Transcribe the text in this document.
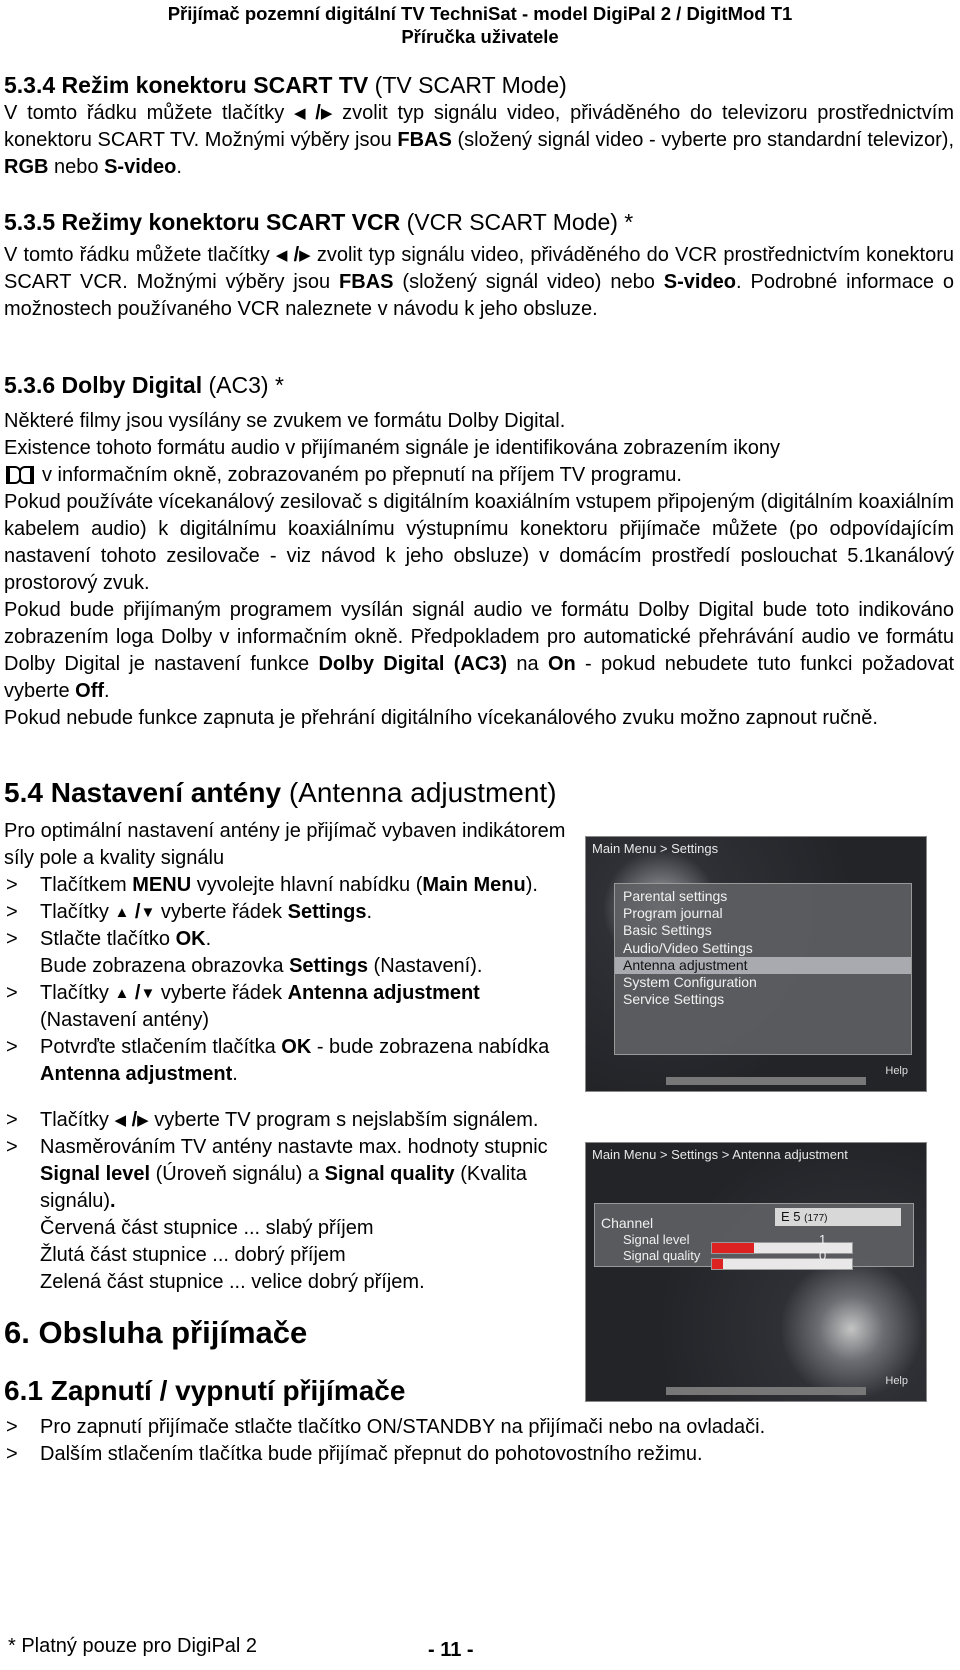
Přijímač pozemní digitální TV TechniSat - model DigiPal 2 / DigitMod T1
Příručka uživatele
5.3.4 Režim konektoru SCART TV (TV SCART Mode)

V tomto řádku můžete tlačítky ◀ /▶ zvolit typ signálu video, přiváděného do televizoru prostřednictvím konektoru SCART TV. Možnými výběry jsou FBAS (složený signál video - vyberte pro standardní televizor), RGB nebo S-video.

5.3.5 Režimy konektoru SCART VCR (VCR SCART Mode) *

V tomto řádku můžete tlačítky ◀ /▶ zvolit typ signálu video, přiváděného do VCR prostřednictvím konektoru SCART VCR. Možnými výběry jsou FBAS (složený signál video) nebo S-video. Podrobné informace o možnostech používaného VCR naleznete v návodu k jeho obsluze.

5.3.6 Dolby Digital (AC3) *

Některé filmy jsou vysílány se zvukem ve formátu Dolby Digital.

Existence tohoto formátu audio v přijímaném signále je identifikována zobrazením ikony

v informačním okně, zobrazovaném po přepnutí na příjem TV programu.

Pokud používáte vícekanálový zesilovač s digitálním koaxiálním vstupem připojeným (digitálním koaxiálním kabelem audio) k digitálnímu koaxiálnímu výstupnímu konektoru přijímače můžete (po odpovídajícím nastavení tohoto zesilovače - viz návod k jeho obsluze) v domácím prostředí poslouchat 5.1kanálový prostorový zvuk.

Pokud bude přijímaným programem vysílán signál audio ve formátu Dolby Digital bude toto indikováno zobrazením loga Dolby v informačním okně. Předpokladem pro automatické přehrávání audio ve formátu Dolby Digital je nastavení funkce Dolby Digital (AC3) na On - pokud nebudete tuto funkci požadovat vyberte Off.

Pokud nebude funkce zapnuta je přehrání digitálního vícekanálového zvuku možno zapnout ručně.

5.4 Nastavení antény (Antenna adjustment)

Pro optimální nastavení antény je přijímač vybaven indikátorem síly pole a kvality signálu

> Tlačítkem MENU vyvolejte hlavní nabídku (Main Menu).
> Tlačítky ▲ /▼ vyberte řádek Settings.
> Stlačte tlačítko OK.
Bude zobrazena obrazovka Settings (Nastavení).
> Tlačítky ▲ /▼ vyberte řádek Antenna adjustment
(Nastavení antény)
> Potvrďte stlačením tlačítka OK - bude zobrazena nabídka Antenna adjustment.
> Tlačítky ◀ /▶ vyberte TV program s nejslabším signálem.
> Nasměrováním TV antény nastavte max. hodnoty stupnic Signal level (Úroveň signálu) a Signal quality (Kvalita signálu).
Červená část stupnice ... slabý příjem
Žlutá část stupnice ... dobrý příjem
Zelená část stupnice ... velice dobrý příjem.
Main Menu > Settings
Parental settings
Program journal
Basic Settings
Audio/Video Settings
Antenna adjustment
System Configuration
Service Settings
Help
Main Menu > Settings > Antenna adjustment
Channel	E 5 (177)
Signal level	1
Signal quality	0
Help
6. Obsluha přijímače
6.1 Zapnutí / vypnutí přijímače
> Pro zapnutí přijímače stlačte tlačítko ON/STANDBY na přijímači nebo na ovladači.
> Dalším stlačením tlačítka bude přijímač přepnut do pohotovostního režimu.
* Platný pouze pro DigiPal 2	- 11 -
